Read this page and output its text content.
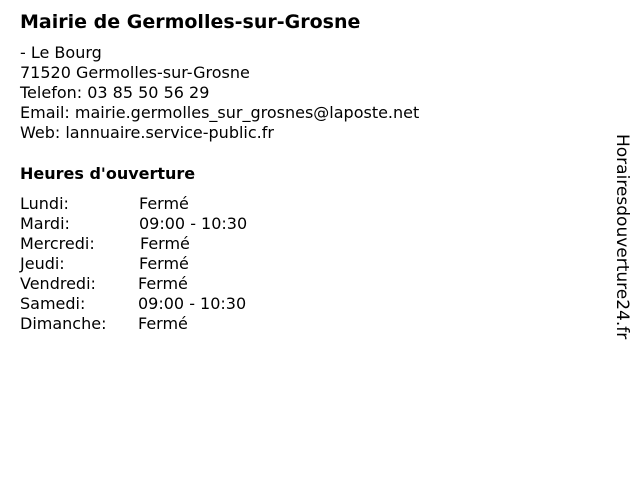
Mairie de Germolles-sur-Grosne
- Le Bourg
71520 Germolles-sur-Grosne
Telefon: 03 85 50 56 29
Email: mairie.germolles_sur_grosnes@laposte.net
Web: lannuaire.service-public.fr
Heures d'ouverture
Lundi:	Fermé
Mardi:	09:00 - 10:30
Mercredi:	Fermé
Jeudi:	Fermé
Vendredi:	Fermé
Samedi:	09:00 - 10:30
Dimanche: Fermé	Horairesdouverture24.fr
